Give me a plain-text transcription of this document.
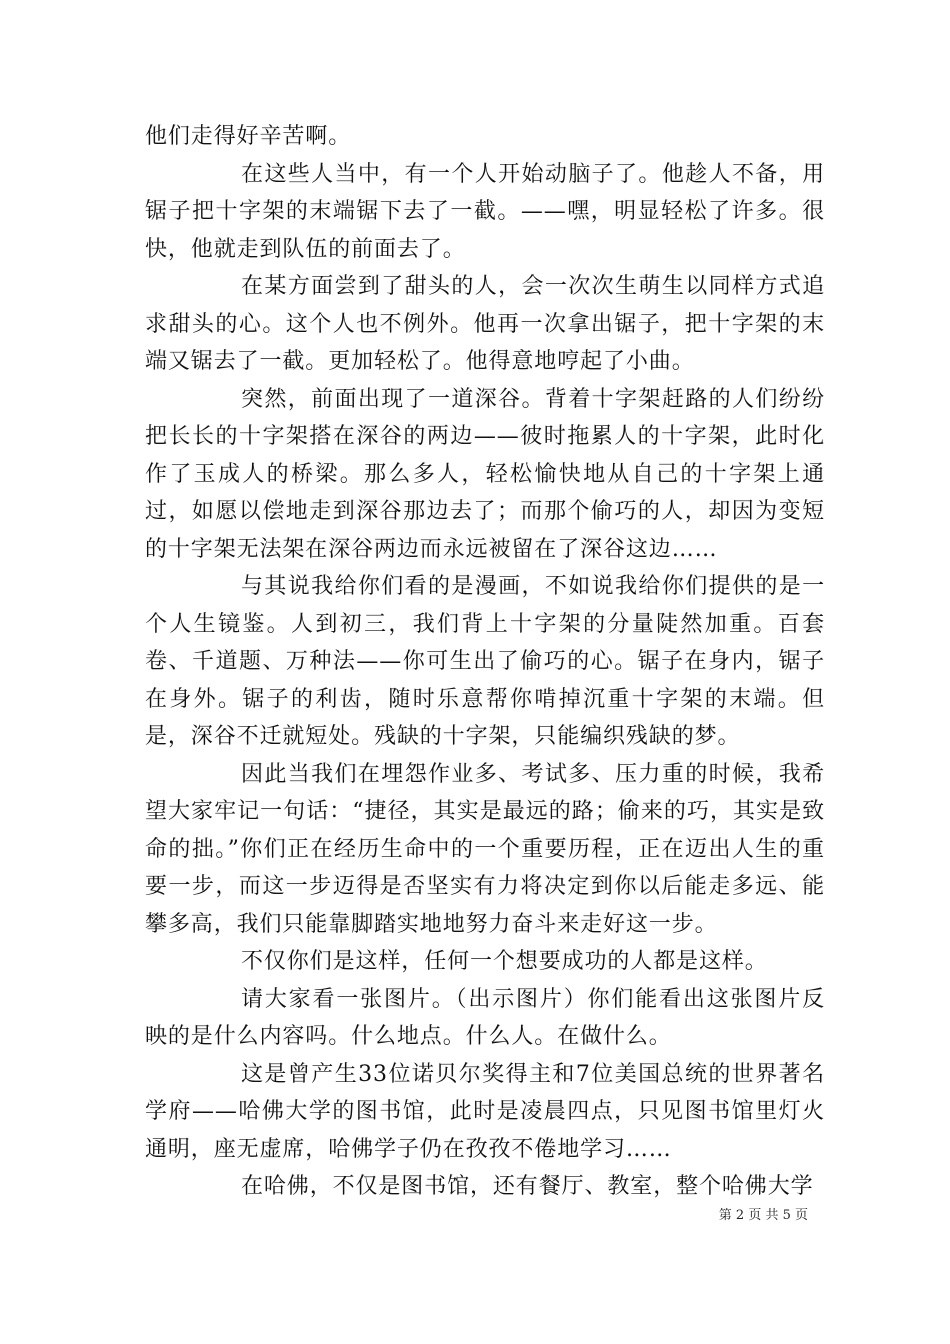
他们走得好辛苦啊。

在这些人当中，有一个人开始动脑子了。他趁人不备，用锯子把十字架的末端锯下去了一截。——嘿，明显轻松了许多。很快，他就走到队伍的前面去了。

在某方面尝到了甜头的人，会一次次生萌生以同样方式追求甜头的心。这个人也不例外。他再一次拿出锯子，把十字架的末端又锯去了一截。更加轻松了。他得意地哼起了小曲。

突然，前面出现了一道深谷。背着十字架赶路的人们纷纷把长长的十字架搭在深谷的两边——彼时拖累人的十字架，此时化作了玉成人的桥梁。那么多人，轻松愉快地从自己的十字架上通过，如愿以偿地走到深谷那边去了；而那个偷巧的人，却因为变短的十字架无法架在深谷两边而永远被留在了深谷这边……

与其说我给你们看的是漫画，不如说我给你们提供的是一个人生镜鉴。人到初三，我们背上十字架的分量陡然加重。百套卷、千道题、万种法——你可生出了偷巧的心。锯子在身内，锯子在身外。锯子的利齿，随时乐意帮你啃掉沉重十字架的末端。但是，深谷不迁就短处。残缺的十字架，只能编织残缺的梦。

因此当我们在埋怨作业多、考试多、压力重的时候，我希望大家牢记一句话：“捷径，其实是最远的路；偷来的巧，其实是致命的拙。”你们正在经历生命中的一个重要历程，正在迈出人生的重要一步，而这一步迈得是否坚实有力将决定到你以后能走多远、能攀多高，我们只能靠脚踏实地地努力奋斗来走好这一步。

不仅你们是这样，任何一个想要成功的人都是这样。

请大家看一张图片。（出示图片）你们能看出这张图片反映的是什么内容吗。什么地点。什么人。在做什么。

这是曾产生33位诺贝尔奖得主和7位美国总统的世界著名学府——哈佛大学的图书馆，此时是凌晨四点，只见图书馆里灯火通明，座无虚席，哈佛学子仍在孜孜不倦地学习……

在哈佛，不仅是图书馆，还有餐厅、教室，整个哈佛大学

第 2 页 共 5 页
